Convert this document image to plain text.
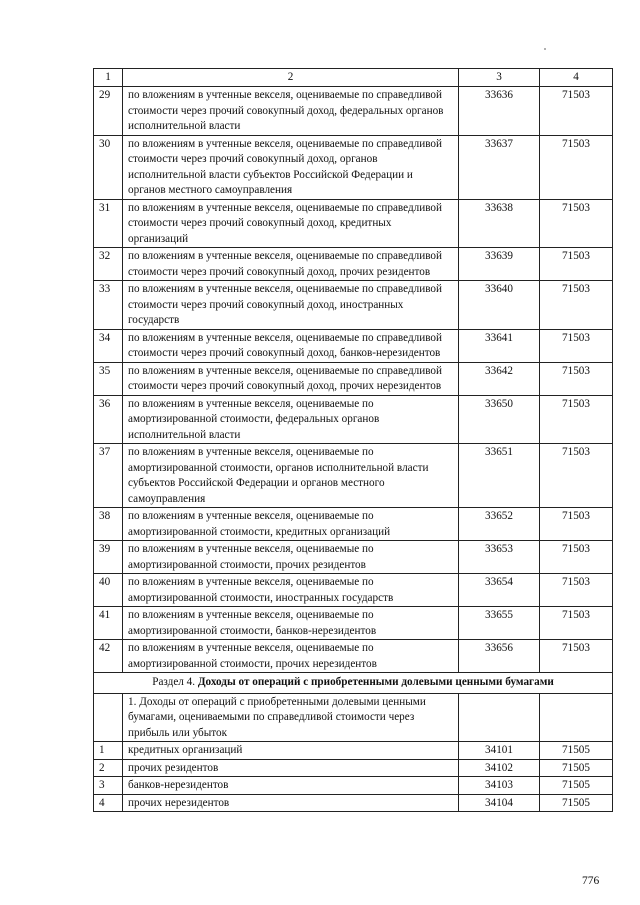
1	2	3	4
29	по вложениям в учтенные векселя, оцениваемые по справедливой стоимости через прочий совокупный доход, федеральных органов исполнительной власти	33636	71503
30	по вложениям в учтенные векселя, оцениваемые по справедливой стоимости через прочий совокупный доход, органов исполнительной власти субъектов Российской Федерации и органов местного самоуправления	33637	71503
31	по вложениям в учтенные векселя, оцениваемые по справедливой стоимости через прочий совокупный доход, кредитных организаций	33638	71503
32	по вложениям в учтенные векселя, оцениваемые по справедливой стоимости через прочий совокупный доход, прочих резидентов	33639	71503
33	по вложениям в учтенные векселя, оцениваемые по справедливой стоимости через прочий совокупный доход, иностранных государств	33640	71503
34	по вложениям в учтенные векселя, оцениваемые по справедливой стоимости через прочий совокупный доход, банков-нерезидентов	33641	71503
35	по вложениям в учтенные векселя, оцениваемые по справедливой стоимости через прочий совокупный доход, прочих нерезидентов	33642	71503
36	по вложениям в учтенные векселя, оцениваемые по амортизированной стоимости, федеральных органов исполнительной власти	33650	71503
37	по вложениям в учтенные векселя, оцениваемые по амортизированной стоимости, органов исполнительной власти субъектов Российской Федерации и органов местного самоуправления	33651	71503
38	по вложениям в учтенные векселя, оцениваемые по амортизированной стоимости, кредитных организаций	33652	71503
39	по вложениям в учтенные векселя, оцениваемые по амортизированной стоимости, прочих резидентов	33653	71503
40	по вложениям в учтенные векселя, оцениваемые по амортизированной стоимости, иностранных государств	33654	71503
41	по вложениям в учтенные векселя, оцениваемые по амортизированной стоимости, банков-нерезидентов	33655	71503
42	по вложениям в учтенные векселя, оцениваемые по амортизированной стоимости, прочих нерезидентов	33656	71503
Раздел 4. Доходы от операций с приобретенными долевыми ценными бумагами			
	1. Доходы от операций с приобретенными долевыми ценными бумагами, оцениваемыми по справедливой стоимости через прибыль или убыток		
1	кредитных организаций	34101	71505
2	прочих резидентов	34102	71505
3	банков-нерезидентов	34103	71505
4	прочих нерезидентов	34104	71505
776
